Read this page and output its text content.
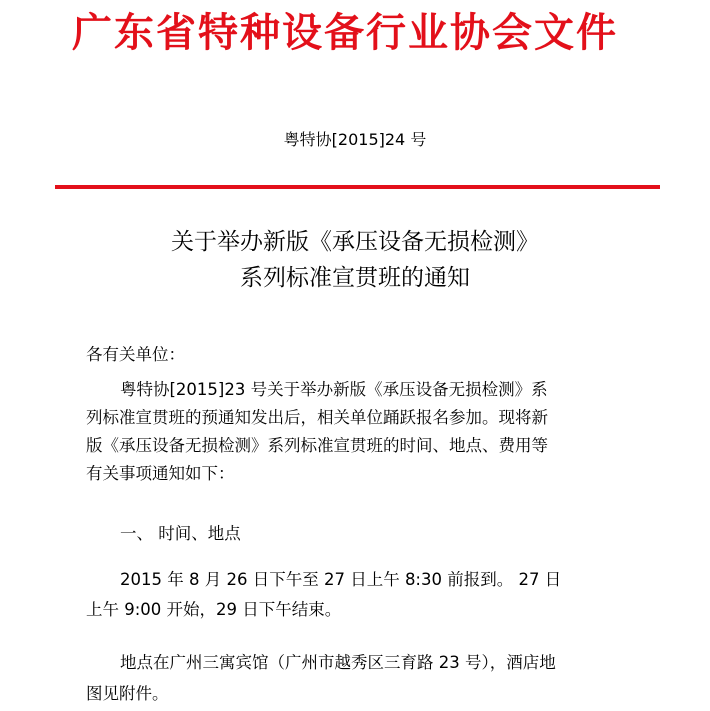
广东省特种设备行业协会文件
粤特协[2015]24 号
关于举办新版《承压设备无损检测》
系列标准宣贯班的通知
各有关单位：
粤特协[2015]23 号关于举办新版《承压设备无损检测》系
列标准宣贯班的预通知发出后，相关单位踊跃报名参加。现将新
版《承压设备无损检测》系列标准宣贯班的时间、地点、费用等
有关事项通知如下：
一、 时间、地点
2015 年 8 月 26 日下午至 27 日上午 8:30 前报到。 27 日
上午 9:00 开始，29 日下午结束。
地点在广州三寓宾馆（广州市越秀区三育路 23 号），酒店地
图见附件。
